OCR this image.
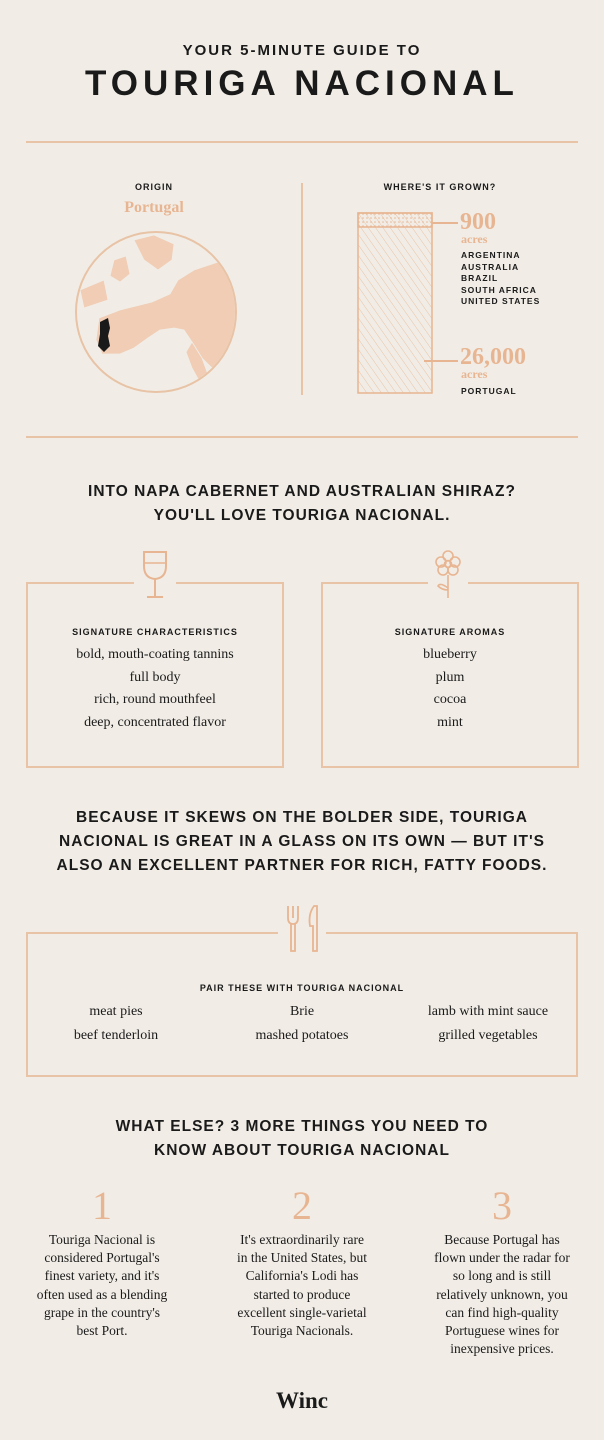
YOUR 5-MINUTE GUIDE TO
TOURIGA NACIONAL
ORIGIN
Portugal
WHERE'S IT GROWN?
900
acres
ARGENTINA
AUSTRALIA
BRAZIL
SOUTH AFRICA
UNITED STATES
26,000
acres
PORTUGAL
INTO NAPA CABERNET AND AUSTRALIAN SHIRAZ?
YOU'LL LOVE TOURIGA NACIONAL.
SIGNATURE CHARACTERISTICS
bold, mouth-coating tannins
full body
rich, round mouthfeel
deep, concentrated flavor
SIGNATURE AROMAS
blueberry
plum
cocoa
mint
BECAUSE IT SKEWS ON THE BOLDER SIDE, TOURIGA
NACIONAL IS GREAT IN A GLASS ON ITS OWN — BUT IT'S
ALSO AN EXCELLENT PARTNER FOR RICH, FATTY FOODS.
PAIR THESE WITH TOURIGA NACIONAL
meat pies
beef tenderloin
Brie
mashed potatoes
lamb with mint sauce
grilled vegetables
WHAT ELSE? 3 MORE THINGS YOU NEED TO
KNOW ABOUT TOURIGA NACIONAL
1
Touriga Nacional is
considered Portugal's
finest variety, and it's
often used as a blending
grape in the country's
best Port.
2
It's extraordinarily rare
in the United States, but
California's Lodi has
started to produce
excellent single-varietal
Touriga Nacionals.
3
Because Portugal has
flown under the radar for
so long and is still
relatively unknown, you
can find high-quality
Portuguese wines for
inexpensive prices.
Winc
